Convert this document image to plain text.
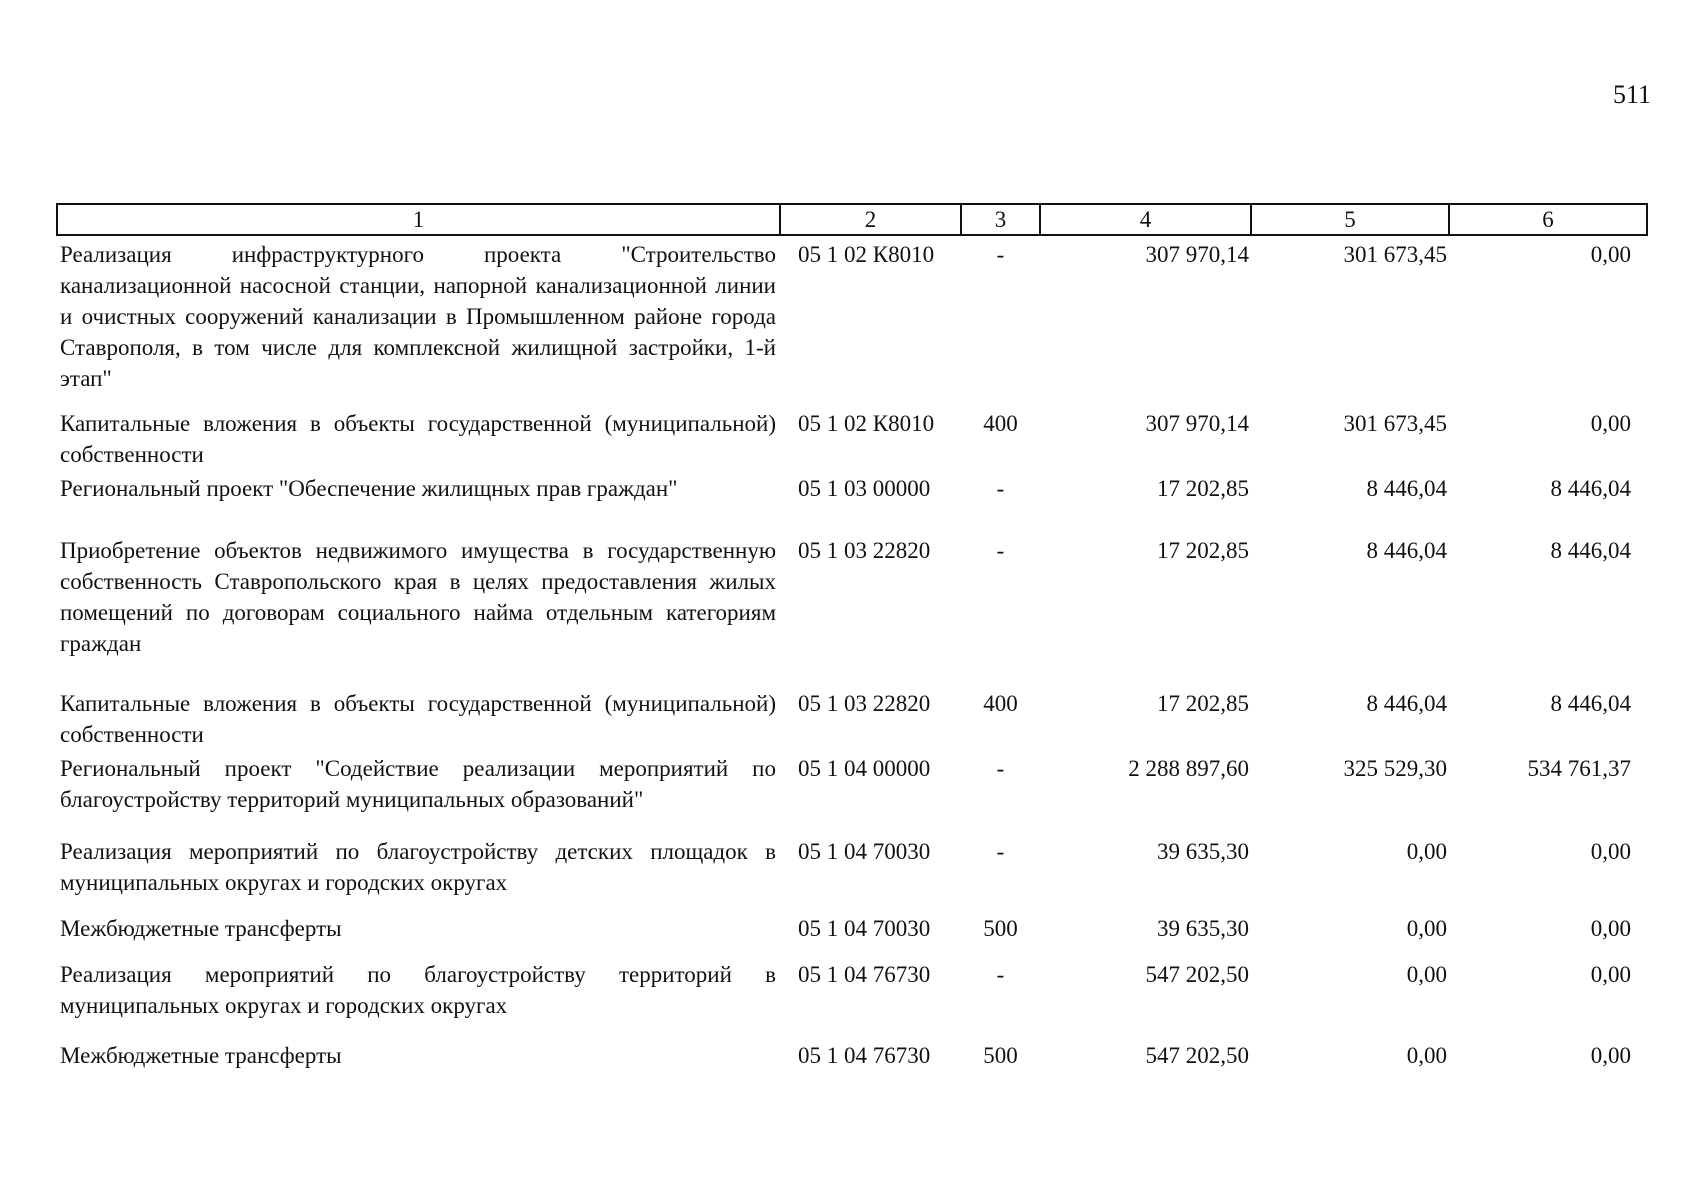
511
1	2	3	4	5	6
Реализация инфраструктурного проекта "Строительство канализационной насосной станции, напорной канализационной линии и очистных сооружений канализации в Промышленном районе города Ставрополя, в том числе для комплексной жилищной застройки, 1-й этап"	05 1 02 К8010	-	307 970,14	301 673,45	0,00
Капитальные вложения в объекты государственной (муниципальной) собственности	05 1 02 К8010	400	307 970,14	301 673,45	0,00
Региональный проект "Обеспечение жилищных прав граждан"	05 1 03 00000	-	17 202,85	8 446,04	8 446,04
Приобретение объектов недвижимого имущества в государственную собственность Ставропольского края в целях предоставления жилых помещений по договорам социального найма отдельным категориям граждан	05 1 03 22820	-	17 202,85	8 446,04	8 446,04
Капитальные вложения в объекты государственной (муниципальной) собственности	05 1 03 22820	400	17 202,85	8 446,04	8 446,04
Региональный проект "Содействие реализации мероприятий по благоустройству территорий муниципальных образований"	05 1 04 00000	-	2 288 897,60	325 529,30	534 761,37
Реализация мероприятий по благоустройству детских площадок в муниципальных округах и городских округах	05 1 04 70030	-	39 635,30	0,00	0,00
Межбюджетные трансферты	05 1 04 70030	500	39 635,30	0,00	0,00
Реализация мероприятий по благоустройству территорий в муниципальных округах и городских округах	05 1 04 76730	-	547 202,50	0,00	0,00
Межбюджетные трансферты	05 1 04 76730	500	547 202,50	0,00	0,00
